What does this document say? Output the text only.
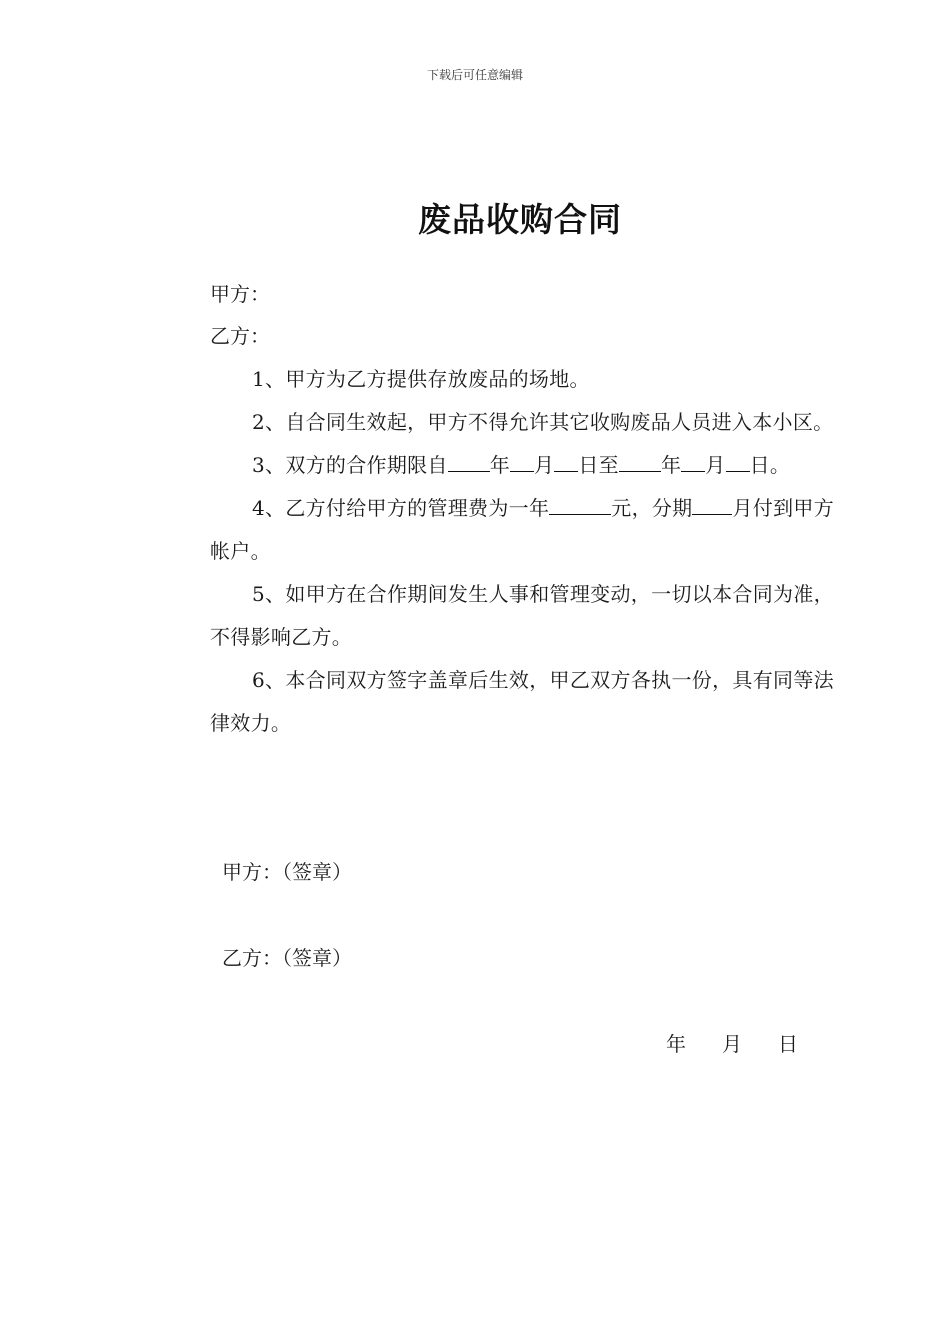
下载后可任意编辑
废品收购合同
甲方：
乙方：

1、甲方为乙方提供存放废品的场地。

2、自合同生效起，甲方不得允许其它收购废品人员进入本小区。

3、双方的合作期限自 年 月 日至 年 月 日。

4、乙方付给甲方的管理费为一年	元，分期 月付到甲方帐户。

5、如甲方在合作期间发生人事和管理变动，一切以本合同为准，不得影响乙方。

6、本合同双方签字盖章后生效，甲乙双方各执一份，具有同等法律效力。

甲方：（签章）
乙方：（签章）
年 月 日
